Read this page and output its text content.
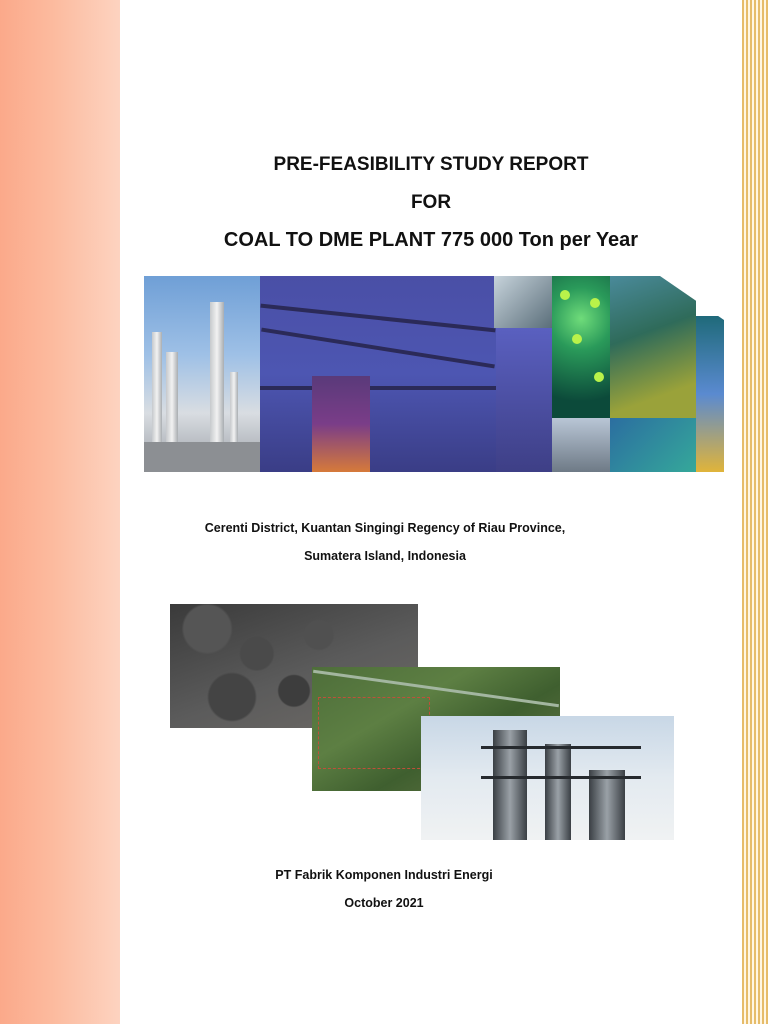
PRE-FEASIBILITY STUDY REPORT
FOR
COAL TO DME PLANT 775 000 Ton per Year

Cerenti District, Kuantan Singingi Regency of Riau Province,

Sumatera Island, Indonesia

PT Fabrik Komponen Industri Energi

October 2021
